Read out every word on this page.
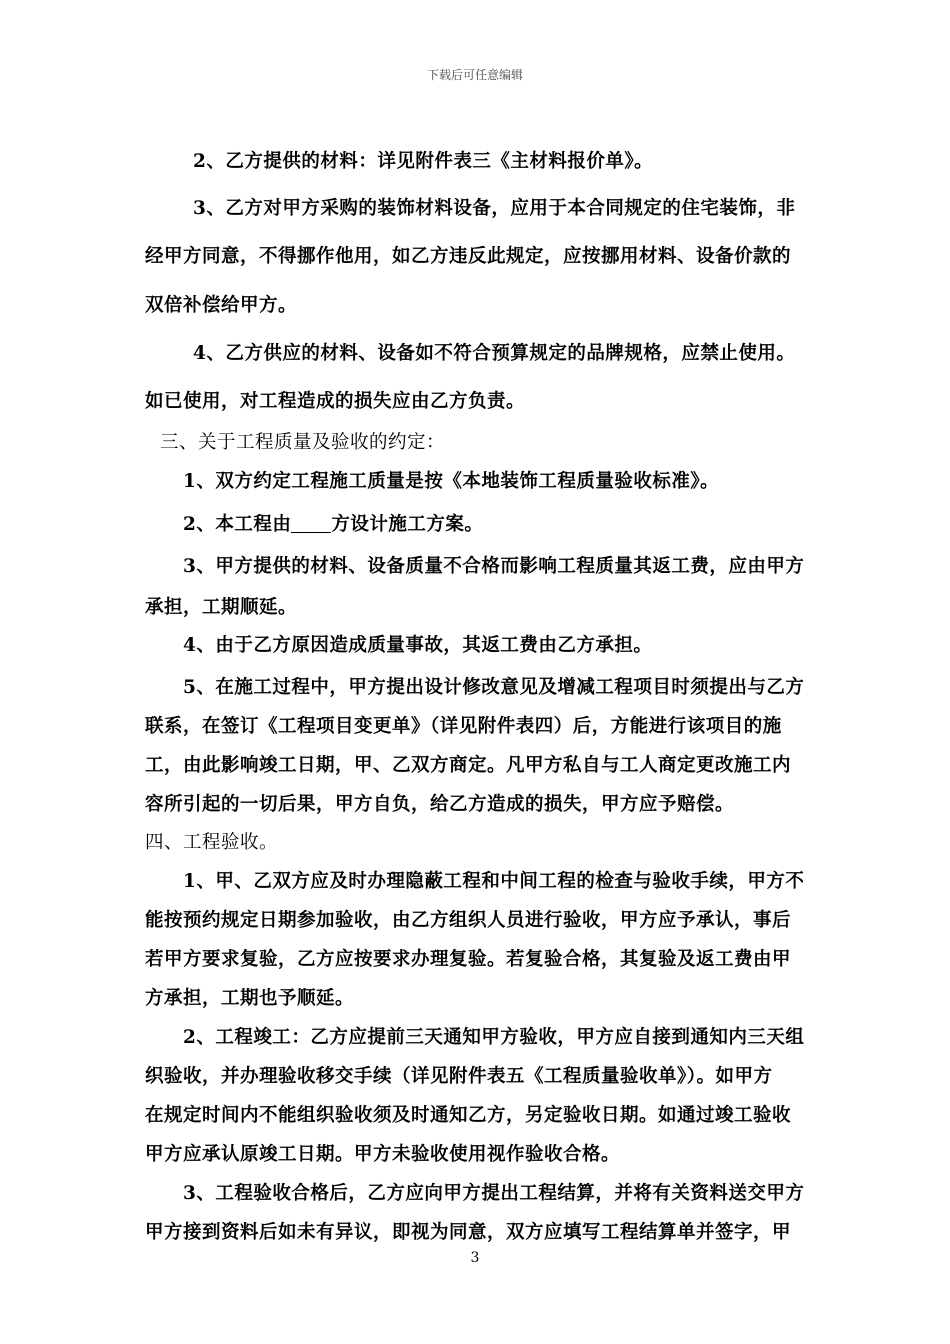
下载后可任意编辑
2、乙方提供的材料：详见附件表三《主材料报价单》。
3、乙方对甲方采购的装饰材料设备，应用于本合同规定的住宅装饰，非
经甲方同意，不得挪作他用，如乙方违反此规定，应按挪用材料、设备价款的
双倍补偿给甲方。
4、乙方供应的材料、设备如不符合预算规定的品牌规格，应禁止使用。
如已使用，对工程造成的损失应由乙方负责。
三、关于工程质量及验收的约定：
1、双方约定工程施工质量是按《本地装饰工程质量验收标准》。
2、本工程由 方设计施工方案。
3、甲方提供的材料、设备质量不合格而影响工程质量其返工费，应由甲方
承担，工期顺延。
4、由于乙方原因造成质量事故，其返工费由乙方承担。
5、在施工过程中，甲方提出设计修改意见及增减工程项目时须提出与乙方
联系，在签订《工程项目变更单》（详见附件表四）后，方能进行该项目的施
工，由此影响竣工日期，甲、乙双方商定。凡甲方私自与工人商定更改施工内
容所引起的一切后果，甲方自负，给乙方造成的损失，甲方应予赔偿。
四、工程验收。
1、甲、乙双方应及时办理隐蔽工程和中间工程的检查与验收手续，甲方不
能按预约规定日期参加验收，由乙方组织人员进行验收，甲方应予承认，事后
若甲方要求复验，乙方应按要求办理复验。若复验合格，其复验及返工费由甲
方承担，工期也予顺延。
2、工程竣工：乙方应提前三天通知甲方验收，甲方应自接到通知内三天组
织验收，并办理验收移交手续（详见附件表五《工程质量验收单》）。如甲方
在规定时间内不能组织验收须及时通知乙方，另定验收日期。如通过竣工验收
甲方应承认原竣工日期。甲方未验收使用视作验收合格。
3、工程验收合格后，乙方应向甲方提出工程结算，并将有关资料送交甲方
甲方接到资料后如未有异议，即视为同意，双方应填写工程结算单并签字，甲
3
